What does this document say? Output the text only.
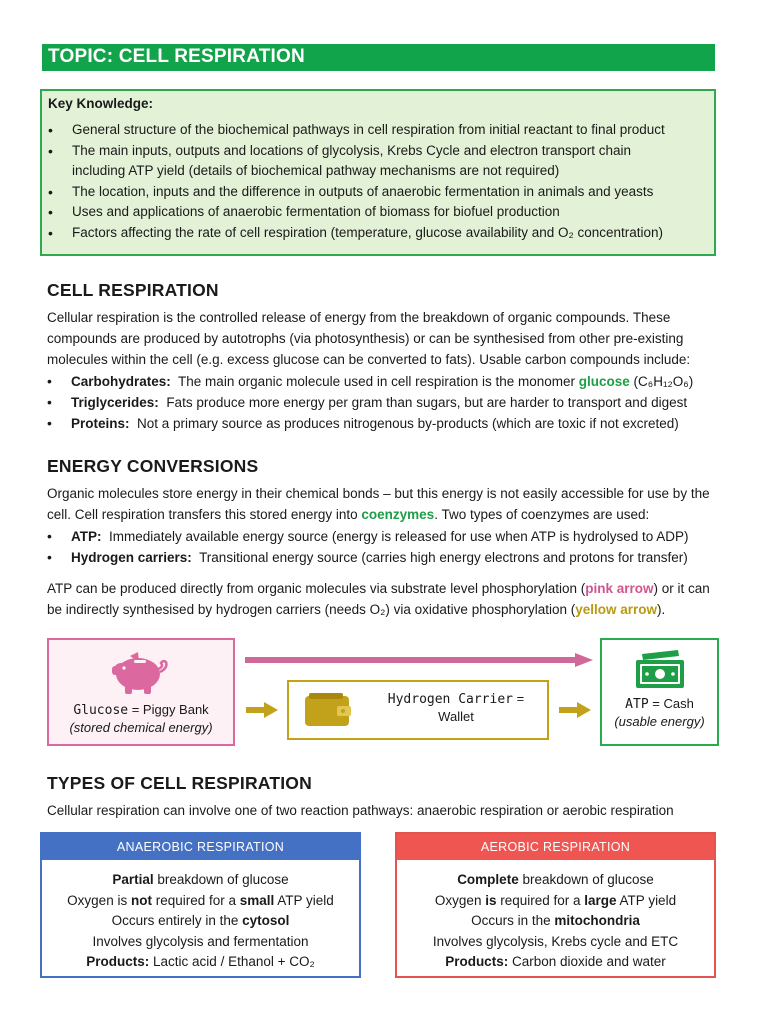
TOPIC: CELL RESPIRATION
Key Knowledge:
• General structure of the biochemical pathways in cell respiration from initial reactant to final product
• The main inputs, outputs and locations of glycolysis, Krebs Cycle and electron transport chain
including ATP yield (details of biochemical pathway mechanisms are not required)
• The location, inputs and the difference in outputs of anaerobic fermentation in animals and yeasts
• Uses and applications of anaerobic fermentation of biomass for biofuel production
• Factors affecting the rate of cell respiration (temperature, glucose availability and O₂ concentration)
CELL RESPIRATION
Cellular respiration is the controlled release of energy from the breakdown of organic compounds. These compounds are produced by autotrophs (via photosynthesis) or can be synthesised from other pre-existing molecules within the cell (e.g. excess glucose can be converted to fats). Usable carbon compounds include:
• Carbohydrates: The main organic molecule used in cell respiration is the monomer glucose (C₆H₁₂O₆)
• Triglycerides: Fats produce more energy per gram than sugars, but are harder to transport and digest
• Proteins: Not a primary source as produces nitrogenous by-products (which are toxic if not excreted)
ENERGY CONVERSIONS
Organic molecules store energy in their chemical bonds – but this energy is not easily accessible for use by the cell. Cell respiration transfers this stored energy into coenzymes. Two types of coenzymes are used:
• ATP: Immediately available energy source (energy is released for use when ATP is hydrolysed to ADP)
• Hydrogen carriers: Transitional energy source (carries high energy electrons and protons for transfer)
ATP can be produced directly from organic molecules via substrate level phosphorylation (pink arrow) or it can be indirectly synthesised by hydrogen carriers (needs O₂) via oxidative phosphorylation (yellow arrow).
Glucose = Piggy Bank
(stored chemical energy)
Hydrogen Carrier =
Wallet
ATP = Cash
(usable energy)
TYPES OF CELL RESPIRATION
Cellular respiration can involve one of two reaction pathways: anaerobic respiration or aerobic respiration
ANAEROBIC RESPIRATION
Partial breakdown of glucose
Oxygen is not required for a small ATP yield
Occurs entirely in the cytosol
Involves glycolysis and fermentation
Products: Lactic acid / Ethanol + CO₂
AEROBIC RESPIRATION
Complete breakdown of glucose
Oxygen is required for a large ATP yield
Occurs in the mitochondria
Involves glycolysis, Krebs cycle and ETC
Products: Carbon dioxide and water
